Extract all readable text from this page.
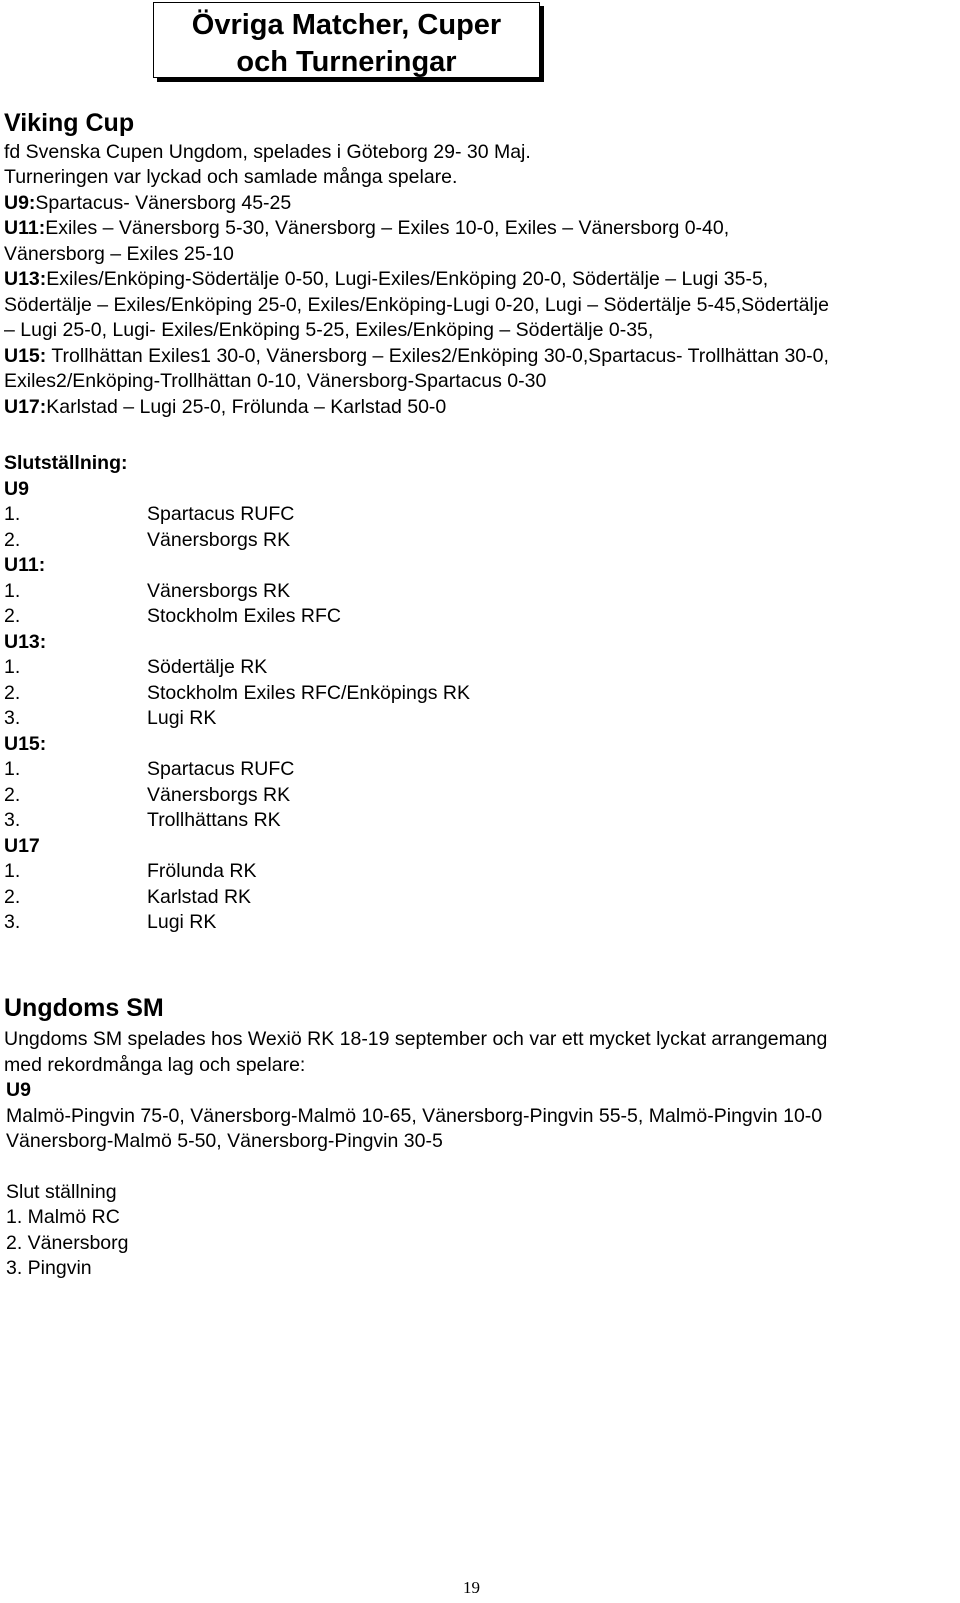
Övriga Matcher, Cuper
och Turneringar
Viking Cup
fd Svenska Cupen Ungdom, spelades i Göteborg 29- 30 Maj.
Turneringen var lyckad och samlade många spelare.
U9:Spartacus- Vänersborg 45-25
U11:Exiles – Vänersborg 5-30, Vänersborg – Exiles 10-0, Exiles – Vänersborg 0-40,
Vänersborg – Exiles 25-10
U13:Exiles/Enköping-Södertälje 0-50, Lugi-Exiles/Enköping 20-0, Södertälje – Lugi 35-5,
Södertälje – Exiles/Enköping 25-0, Exiles/Enköping-Lugi 0-20, Lugi – Södertälje 5-45,Södertälje
– Lugi 25-0, Lugi- Exiles/Enköping 5-25, Exiles/Enköping – Södertälje 0-35,
U15: Trollhättan Exiles1 30-0, Vänersborg – Exiles2/Enköping 30-0,Spartacus- Trollhättan 30-0,
Exiles2/Enköping-Trollhättan 0-10, Vänersborg-Spartacus 0-30
U17:Karlstad – Lugi 25-0, Frölunda – Karlstad 50-0
Slutställning:
U9
1.	Spartacus RUFC
2.	Vänersborgs RK
U11:
1.	Vänersborgs RK
2.	Stockholm Exiles RFC
U13:
1.	Södertälje RK
2.	Stockholm Exiles RFC/Enköpings RK
3.	Lugi RK
U15:
1.	Spartacus RUFC
2.	Vänersborgs RK
3.	Trollhättans RK
U17
1.	Frölunda RK
2.	Karlstad RK
3.	Lugi RK
Ungdoms SM
Ungdoms SM spelades hos Wexiö RK 18-19 september och var ett mycket lyckat arrangemang
med rekordmånga lag och spelare:
U9
Malmö-Pingvin 75-0, Vänersborg-Malmö 10-65, Vänersborg-Pingvin 55-5, Malmö-Pingvin 10-0
Vänersborg-Malmö 5-50, Vänersborg-Pingvin 30-5
Slut ställning
1. Malmö RC
2. Vänersborg
3. Pingvin
19
